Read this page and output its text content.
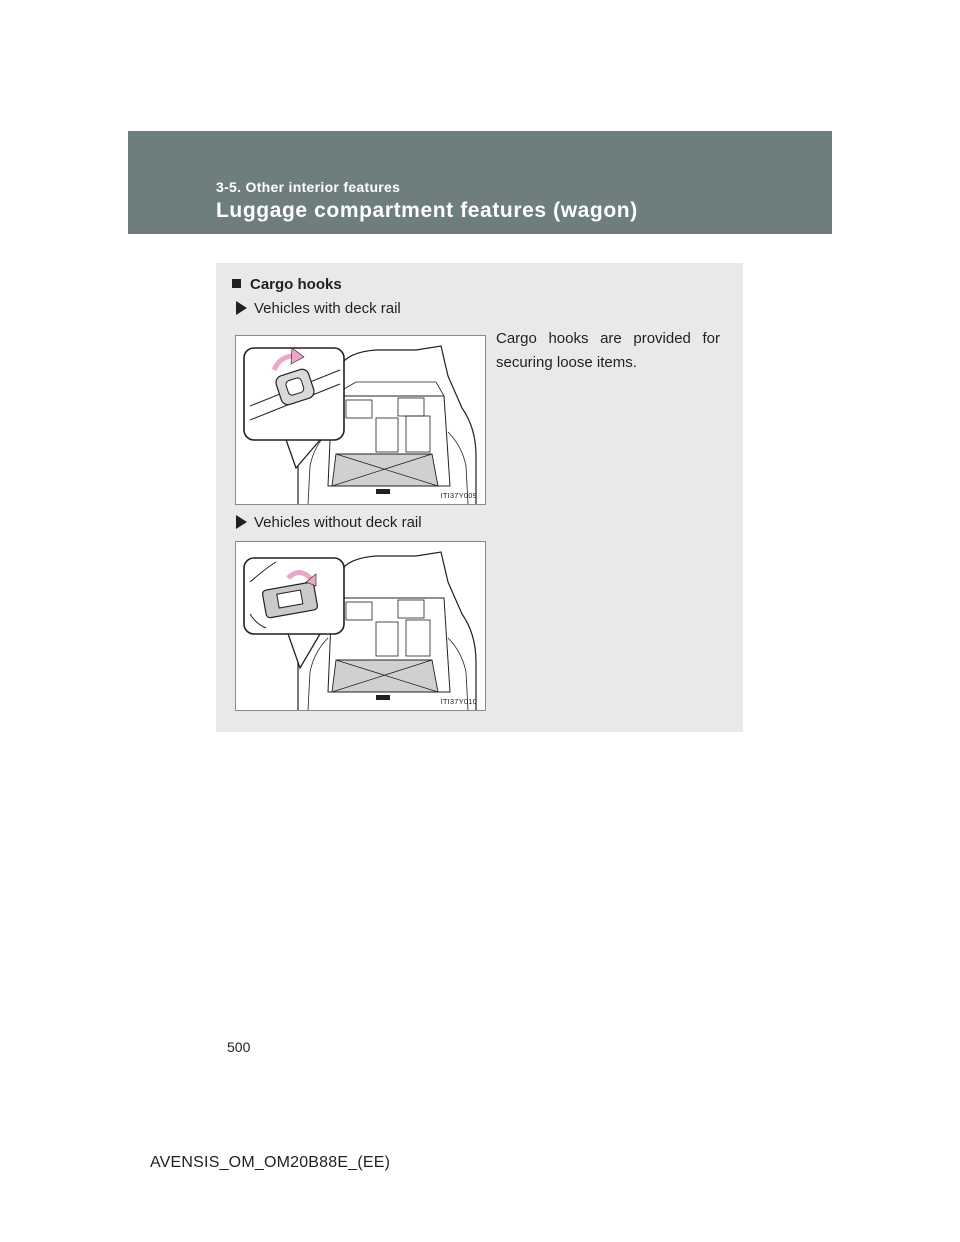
3-5. Other interior features
Luggage compartment features (wagon)
Cargo hooks
Vehicles with deck rail
Cargo hooks are provided for securing loose items.
ITI37Y009
Vehicles without deck rail
ITI37Y010
500
AVENSIS_OM_OM20B88E_(EE)
